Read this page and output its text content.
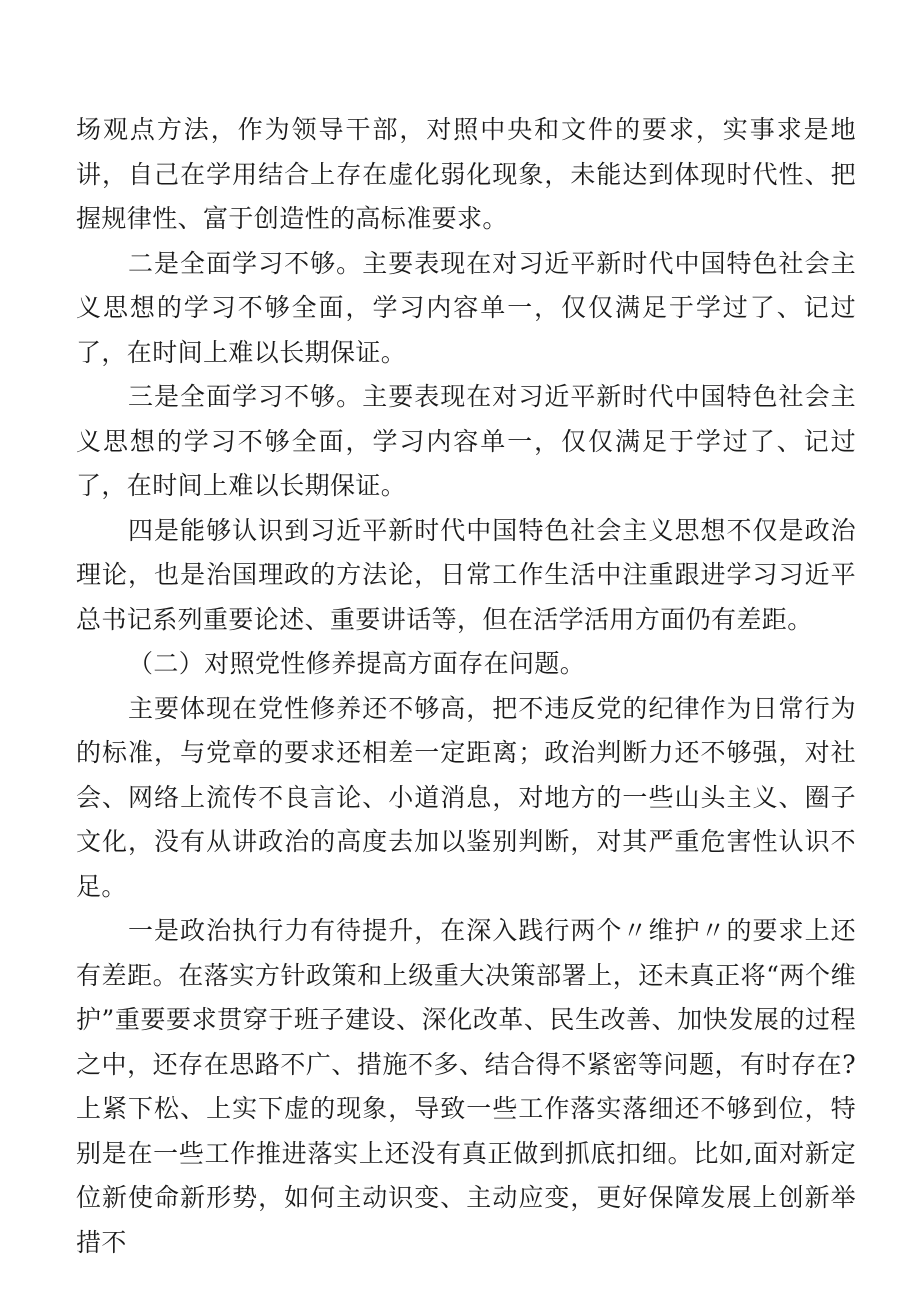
场观点方法，作为领导干部，对照中央和文件的要求，实事求是地讲，自己在学用结合上存在虚化弱化现象，未能达到体现时代性、把握规律性、富于创造性的高标准要求。

二是全面学习不够。主要表现在对习近平新时代中国特色社会主义思想的学习不够全面，学习内容单一，仅仅满足于学过了、记过了，在时间上难以长期保证。

三是全面学习不够。主要表现在对习近平新时代中国特色社会主义思想的学习不够全面，学习内容单一，仅仅满足于学过了、记过了，在时间上难以长期保证。

四是能够认识到习近平新时代中国特色社会主义思想不仅是政治理论，也是治国理政的方法论，日常工作生活中注重跟进学习习近平总书记系列重要论述、重要讲话等，但在活学活用方面仍有差距。

（二）对照党性修养提高方面存在问题。

主要体现在党性修养还不够高，把不违反党的纪律作为日常行为的标准，与党章的要求还相差一定距离；政治判断力还不够强，对社会、网络上流传不良言论、小道消息，对地方的一些山头主义、圈子文化，没有从讲政治的高度去加以鉴别判断，对其严重危害性认识不足。

一是政治执行力有待提升，在深入践行两个〃维护〃的要求上还有差距。在落实方针政策和上级重大决策部署上，还未真正将“两个维护”重要要求贯穿于班子建设、深化改革、民生改善、加快发展的过程之中，还存在思路不广、措施不多、结合得不紧密等问题，有时存在?上紧下松、上实下虚的现象，导致一些工作落实落细还不够到位，特别是在一些工作推进落实上还没有真正做到抓底扣细。比如,面对新定位新使命新形势，如何主动识变、主动应变，更好保障发展上创新举措不
